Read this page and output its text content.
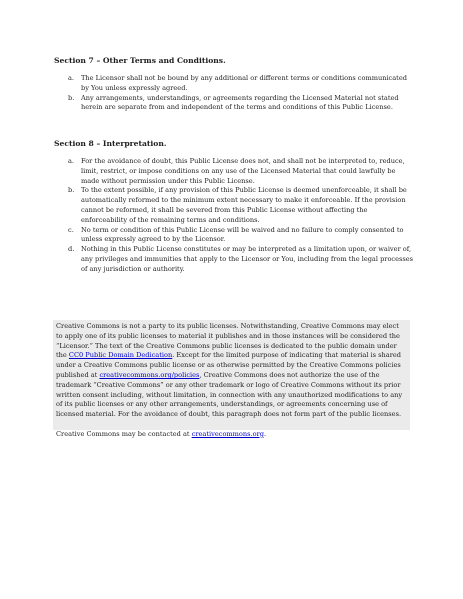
Section 7 – Other Terms and Conditions.
a. The Licensor shall not be bound by any additional or different terms or conditions communicated by You unless expressly agreed.
b. Any arrangements, understandings, or agreements regarding the Licensed Material not stated herein are separate from and independent of the terms and conditions of this Public License.
Section 8 – Interpretation.
a. For the avoidance of doubt, this Public License does not, and shall not be interpreted to, reduce, limit, restrict, or impose conditions on any use of the Licensed Material that could lawfully be made without permission under this Public License.
b. To the extent possible, if any provision of this Public License is deemed unenforceable, it shall be automatically reformed to the minimum extent necessary to make it enforceable. If the provision cannot be reformed, it shall be severed from this Public License without affecting the enforceability of the remaining terms and conditions.
c. No term or condition of this Public License will be waived and no failure to comply consented to unless expressly agreed to by the Licensor.
d. Nothing in this Public License constitutes or may be interpreted as a limitation upon, or waiver of, any privileges and immunities that apply to the Licensor or You, including from the legal processes of any jurisdiction or authority.

Creative Commons is not a party to its public licenses. Notwithstanding, Creative Commons may elect to apply one of its public licenses to material it publishes and in those instances will be considered the “Licensor.” The text of the Creative Commons public licenses is dedicated to the public domain under the CC0 Public Domain Dedication. Except for the limited purpose of indicating that material is shared under a Creative Commons public license or as otherwise permitted by the Creative Commons policies published at creativecommons.org/policies, Creative Commons does not authorize the use of the trademark “Creative Commons” or any other trademark or logo of Creative Commons without its prior written consent including, without limitation, in connection with any unauthorized modifications to any of its public licenses or any other arrangements, understandings, or agreements concerning use of licensed material. For the avoidance of doubt, this paragraph does not form part of the public licenses.

Creative Commons may be contacted at creativecommons.org.
